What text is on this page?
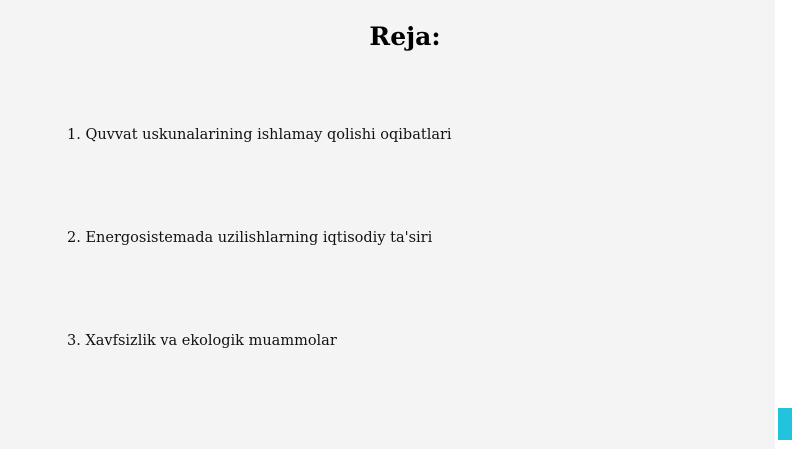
Reja:
1. Quvvat uskunalarining ishlamay qolishi oqibatlari
2. Energosistemada uzilishlarning iqtisodiy ta'siri
3. Xavfsizlik va ekologik muammolar
